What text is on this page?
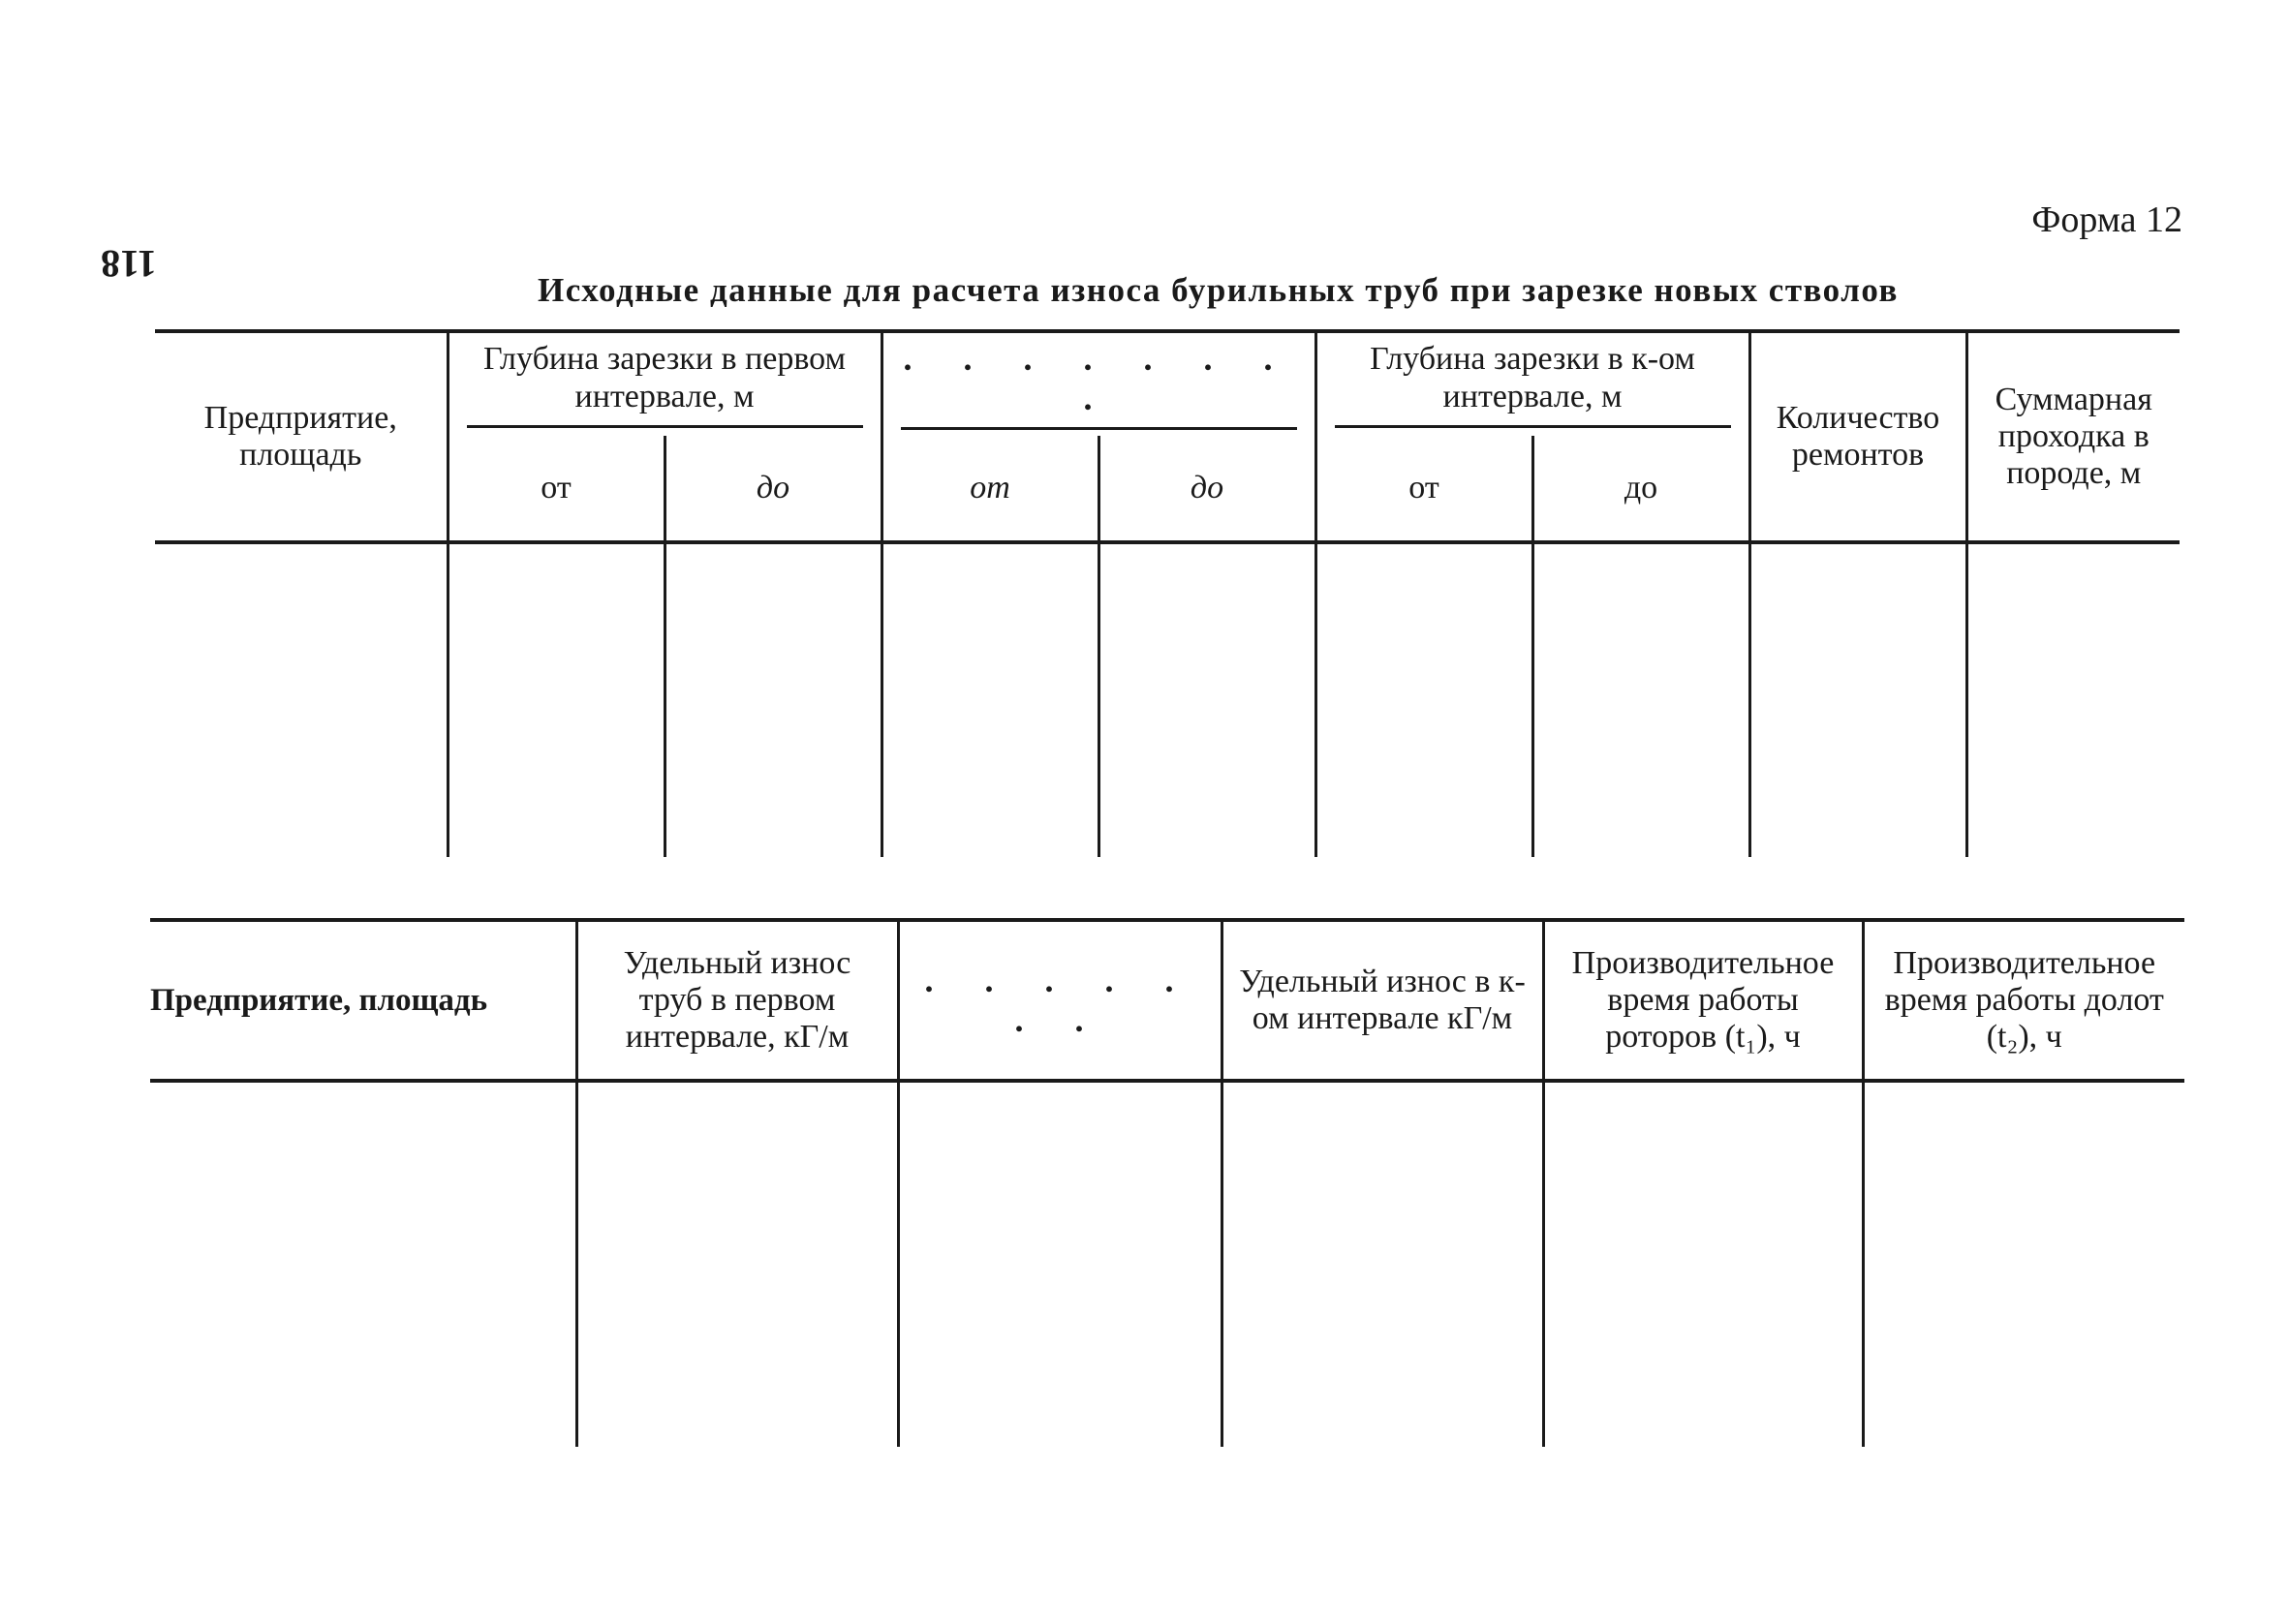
118
Форма 12
Исходные данные для расчета износа бурильных труб при зарезке новых стволов
Предприятие, площадь	Глубина зарезки в первом интервале, м		. . . . . . . .		Глубина зарезки в к-ом интервале, м		Количество ремонтов	Суммарная проходка в породе, м
	от	до	от	до	от	до		

Предприятие, площадь	Удельный износ труб в первом интервале, кГ/м	. . . . . . .	Удельный износ в к-ом интервале кГ/м	Производительное время работы роторов (t₁), ч	Производительное время работы долот (t₂), ч
